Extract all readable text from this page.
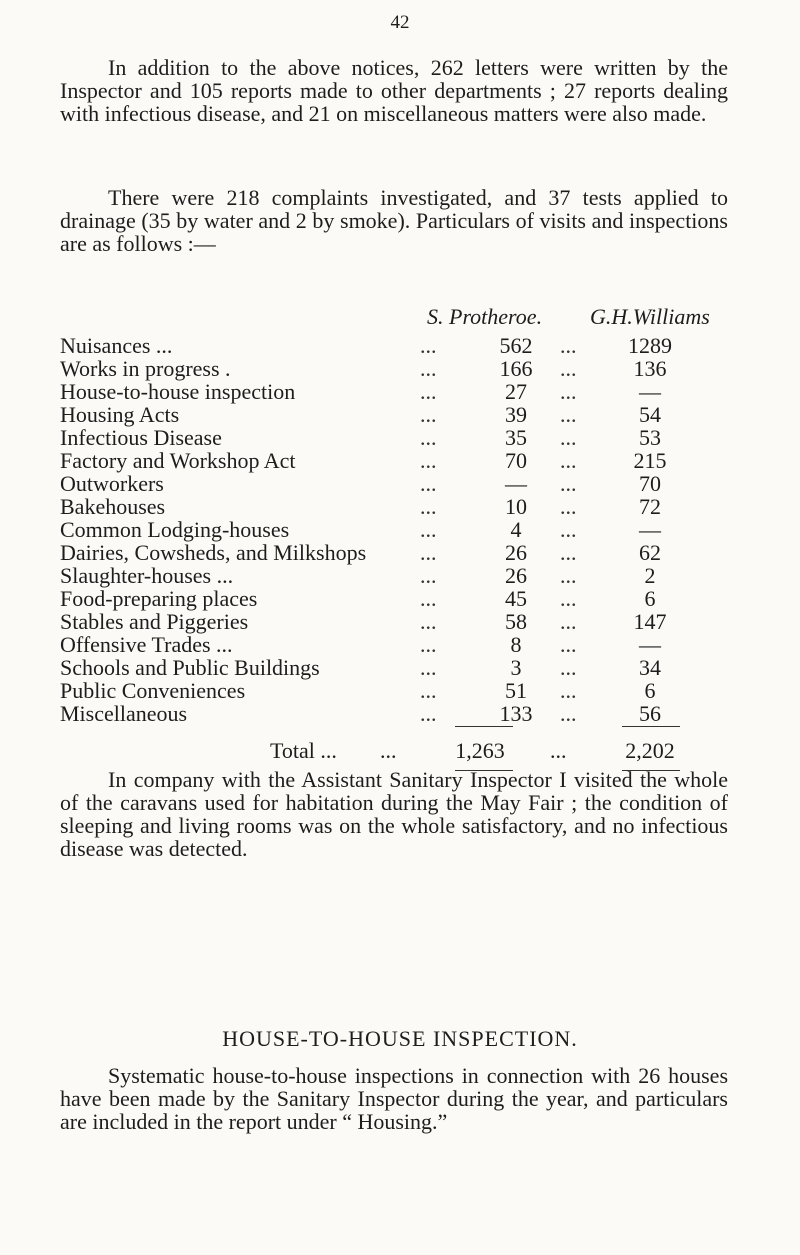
42

In addition to the above notices, 262 letters were written by the Inspector and 105 reports made to other departments ; 27 reports dealing with infectious disease, and 21 on miscellaneous matters were also made.

There were 218 complaints investigated, and 37 tests applied to drainage (35 by water and 2 by smoke). Particulars of visits and inspections are as follows :—

S. Protheroe. G.H.Williams
Nuisances ...	...	562	...	1289
Works in progress .	...	166	...	136
House-to-house inspection	...	27	...	—
Housing Acts	...	39	...	54
Infectious Disease	...	35	...	53
Factory and Workshop Act	...	70	...	215
Outworkers	...	—	...	70
Bakehouses	...	10	...	72
Common Lodging-houses	...	4	...	—
Dairies, Cowsheds, and Milkshops ...	26	...	62
Slaughter-houses ...	...	26	...	2
Food-preparing places	...	45	...	6
Stables and Piggeries	...	58	...	147
Offensive Trades ...	...	8	...	—
Schools and Public Buildings	...	3	...	34
Public Conveniences	...	51	...	6
Miscellaneous	...	133	...	56
Total ... ...	1,263	...	2,202

In company with the Assistant Sanitary Inspector I visited the whole of the caravans used for habitation during the May Fair ; the condition of sleeping and living rooms was on the whole satisfactory, and no infectious disease was detected.

HOUSE-TO-HOUSE INSPECTION.

Systematic house-to-house inspections in connection with 26 houses have been made by the Sanitary Inspector during the year, and particulars are included in the report under “ Housing.”
